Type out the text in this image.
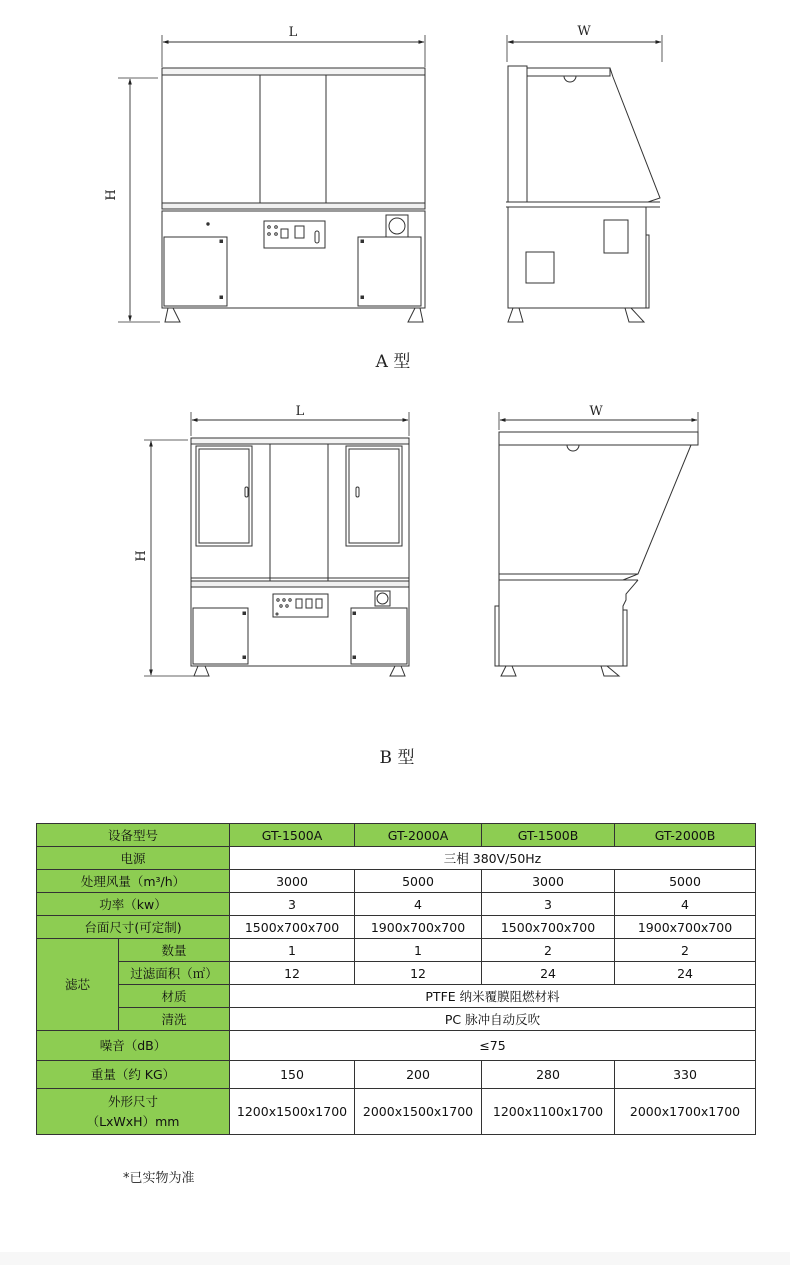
L
H
W
A 型
L
H
W
B 型
设备型号		GT-1500A	GT-2000A	GT-1500B	GT-2000B
电源		三相 380V/50Hz			
处理风量（m³/h）		3000	5000	3000	5000
功率（kw）		3	4	3	4
台面尺寸(可定制)		1500x700x700	1900x700x700	1500x700x700	1900x700x700
滤芯	数量	1	1	2	2
	过滤面积（㎡）	12	12	24	24
	材质	PTFE 纳米覆膜阻燃材料			
	清洗	PC 脉冲自动反吹			
噪音（dB）		≤75			
重量（约 KG）		150	200	280	330

外形尺寸
（LxWxH）mm		1200x1500x1700	2000x1500x1700	1200x1100x1700	2000x1700x1700
*已实物为准
